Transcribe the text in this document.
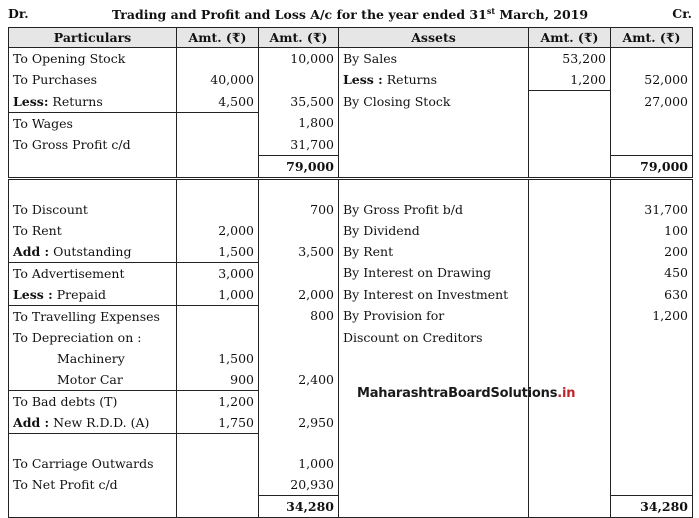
Dr.	Trading and Profit and Loss A/c for the year ended 31st March, 2019	Cr.
Particulars	Amt. (₹)	Amt. (₹)	Assets	Amt. (₹)	Amt. (₹)
To Opening Stock		10,000	By Sales	53,200	
To Purchases	40,000		Less : Returns	1,200	52,000
Less: Returns	4,500	35,500	By Closing Stock		27,000
To Wages		1,800			
To Gross Profit c/d		31,700			
		79,000			79,000

To Discount		700	By Gross Profit b/d		31,700
To Rent	2,000		By Dividend		100
Add : Outstanding	1,500	3,500	By Rent		200
To Advertisement	3,000		By Interest on Drawing		450
Less : Prepaid	1,000	2,000	By Interest on Investment		630
To Travelling Expenses		800	By Provision for		1,200
To Depreciation on :			Discount on Creditors		
Machinery	1,500				
Motor Car	900	2,400			
To Bad debts (T)	1,200				
Add : New R.D.D. (A)	1,750	2,950			

To Carriage Outwards		1,000			
To Net Profit c/d		20,930			
		34,280			34,280
MaharashtraBoardSolutions.in
